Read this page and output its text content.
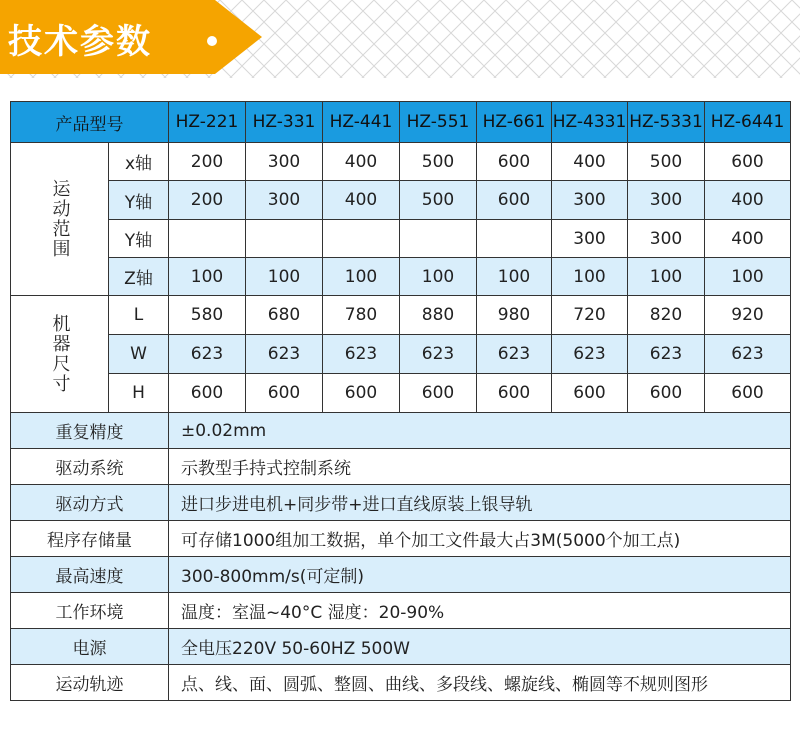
技术参数
产品型号		HZ-221	HZ-331	HZ-441	HZ-551	HZ-661	HZ-4331	HZ-5331	HZ-6441

运动范围	x轴	200	300	400	500	600	400	500	600
	Y轴	200	300	400	500	600	300	300	400
	Y轴						300	300	400
	Z轴	100	100	100	100	100	100	100	100

机器尺寸	L	580	680	780	880	980	720	820	920
	W	623	623	623	623	623	623	623	623
	H	600	600	600	600	600	600	600	600
重复精度		±0.02mm							
驱动系统		示教型手持式控制系统							
驱动方式		进口步进电机+同步带+进口直线原装上银导轨							
程序存储量		可存储1000组加工数据，单个加工文件最大占3M(5000个加工点)							
最高速度		300-800mm/s(可定制)							
工作环境		温度：室温~40°C 湿度：20-90%							
电源		全电压220V 50-60HZ 500W							
运动轨迹		点、线、面、圆弧、整圆、曲线、多段线、螺旋线、椭圆等不规则图形							
